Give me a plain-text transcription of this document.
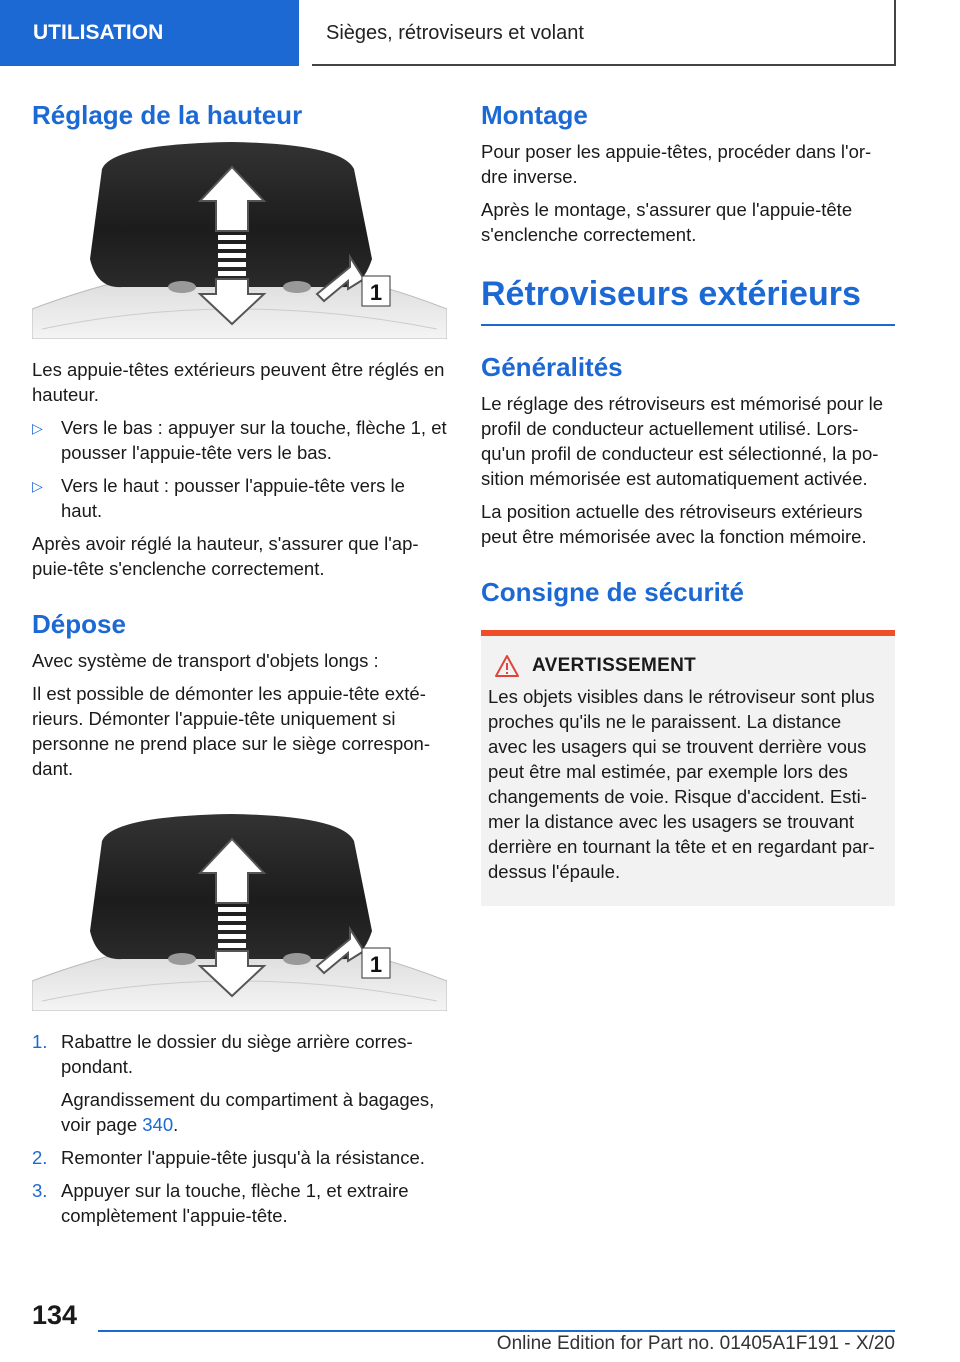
UTILISATION	Sièges, rétroviseurs et volant
Réglage de la hauteur
1

Les appuie-têtes extérieurs peuvent être réglés en hauteur.

▷ Vers le bas : appuyer sur la touche, flèche 1, et pousser l'appuie-tête vers le bas.
▷ Vers le haut : pousser l'appuie-tête vers le haut.

Après avoir réglé la hauteur, s'assurer que l'ap-puie-tête s'enclenche correctement.

Dépose

Avec système de transport d'objets longs :

Il est possible de démonter les appuie-tête exté-rieurs. Démonter l'appuie-tête uniquement si personne ne prend place sur le siège correspon-dant.

1
1. Rabattre le dossier du siège arrière corres-pondant.
Agrandissement du compartiment à bagages, voir page 340.
2. Remonter l'appuie-tête jusqu'à la résistance.
3. Appuyer sur la touche, flèche 1, et extraire complètement l'appuie-tête.
Montage

Pour poser les appuie-têtes, procéder dans l'or-dre inverse.

Après le montage, s'assurer que l'appuie-tête s'enclenche correctement.

Rétroviseurs extérieurs
Généralités

Le réglage des rétroviseurs est mémorisé pour le profil de conducteur actuellement utilisé. Lors-qu'un profil de conducteur est sélectionné, la po-sition mémorisée est automatiquement activée.

La position actuelle des rétroviseurs extérieurs peut être mémorisée avec la fonction mémoire.

Consigne de sécurité
AVERTISSEMENT

Les objets visibles dans le rétroviseur sont plus proches qu'ils ne le paraissent. La distance avec les usagers qui se trouvent derrière vous peut être mal estimée, par exemple lors des changements de voie. Risque d'accident. Esti-mer la distance avec les usagers se trouvant derrière en tournant la tête et en regardant par-dessus l'épaule.

134
Online Edition for Part no. 01405A1F191 - X/20
